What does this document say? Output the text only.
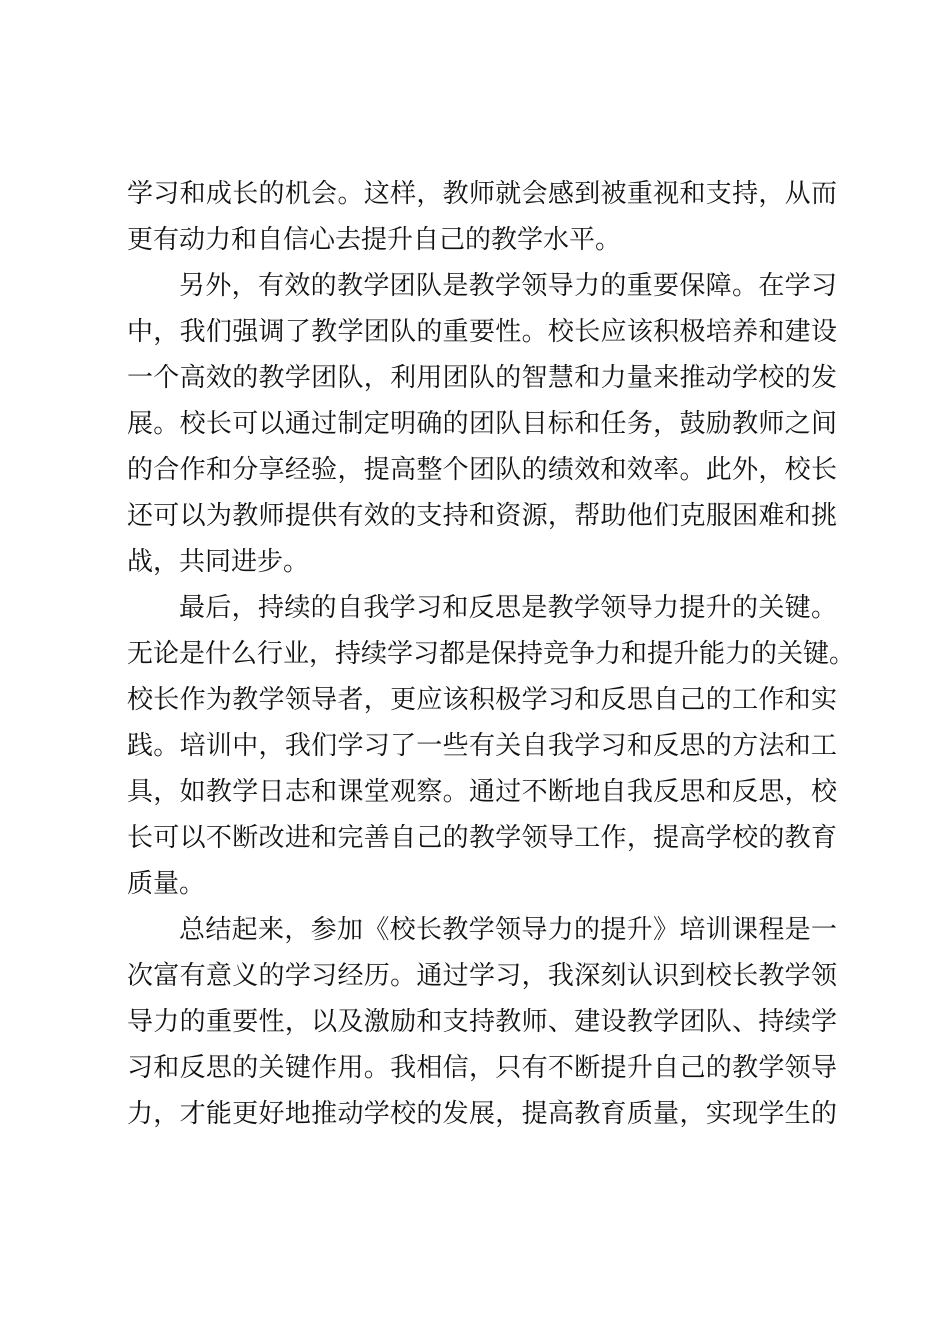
学习和成长的机会。这样，教师就会感到被重视和支持，从而
更有动力和自信心去提升自己的教学水平。
另外，有效的教学团队是教学领导力的重要保障。在学习
中，我们强调了教学团队的重要性。校长应该积极培养和建设
一个高效的教学团队，利用团队的智慧和力量来推动学校的发
展。校长可以通过制定明确的团队目标和任务，鼓励教师之间
的合作和分享经验，提高整个团队的绩效和效率。此外，校长
还可以为教师提供有效的支持和资源，帮助他们克服困难和挑
战，共同进步。
最后，持续的自我学习和反思是教学领导力提升的关键。
无论是什么行业，持续学习都是保持竞争力和提升能力的关键。
校长作为教学领导者，更应该积极学习和反思自己的工作和实
践。培训中，我们学习了一些有关自我学习和反思的方法和工
具，如教学日志和课堂观察。通过不断地自我反思和反思，校
长可以不断改进和完善自己的教学领导工作，提高学校的教育
质量。
总结起来，参加《校长教学领导力的提升》培训课程是一
次富有意义的学习经历。通过学习，我深刻认识到校长教学领
导力的重要性，以及激励和支持教师、建设教学团队、持续学
习和反思的关键作用。我相信，只有不断提升自己的教学领导
力，才能更好地推动学校的发展，提高教育质量，实现学生的
